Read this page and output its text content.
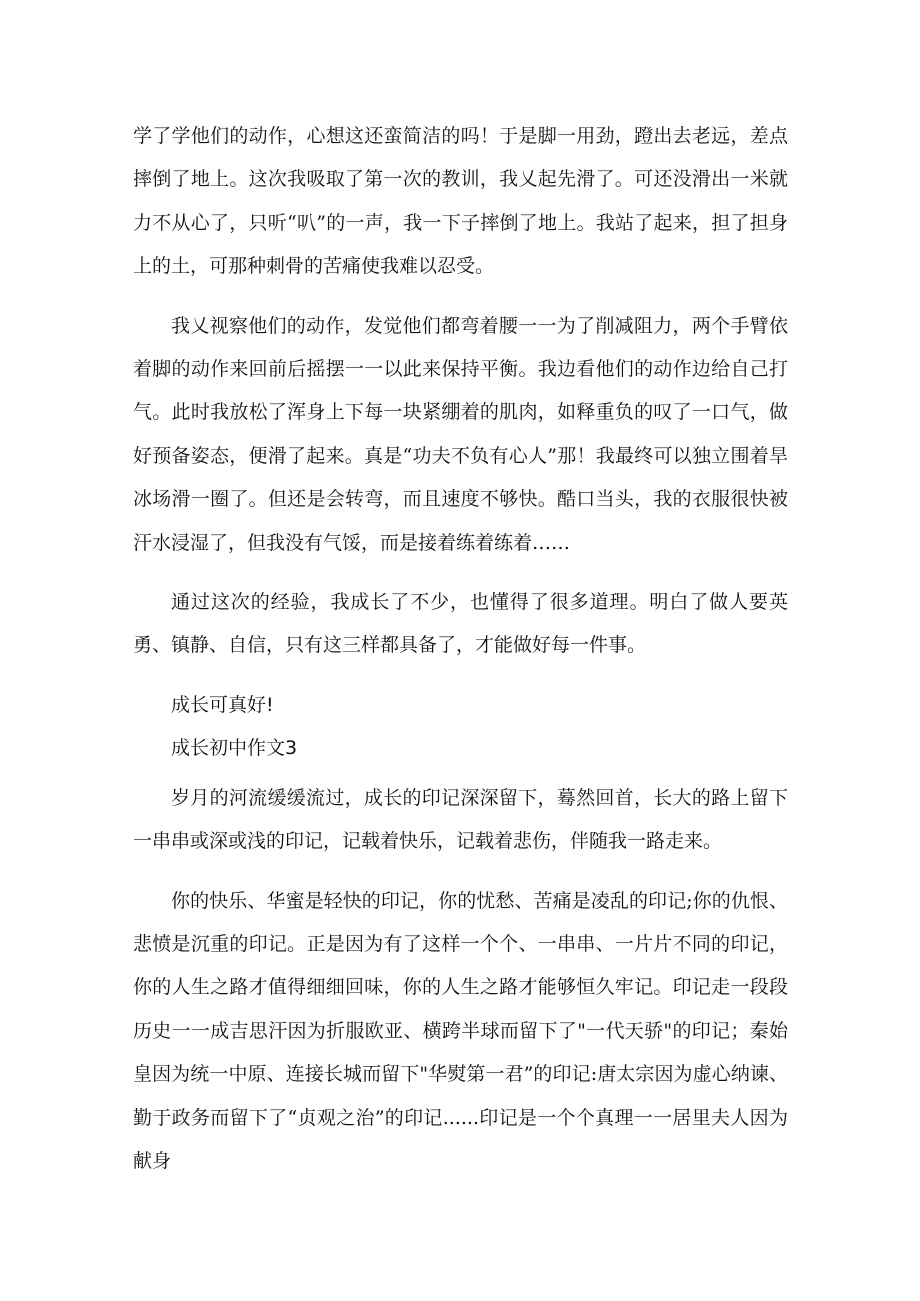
学了学他们的动作，心想这还蛮简洁的吗！于是脚一用劲，蹬出去老远，差点摔倒了地上。这次我吸取了第一次的教训，我乂起先滑了。可还没滑出一米就力不从心了，只听“叭”的一声，我一下子摔倒了地上。我站了起来，担了担身上的土，可那种刺骨的苦痛使我难以忍受。

我乂视察他们的动作，发觉他们都弯着腰一一为了削减阻力，两个手臂依着脚的动作来回前后摇摆一一以此来保持平衡。我边看他们的动作边给自己打气。此时我放松了浑身上下每一块紧绷着的肌肉，如释重负的叹了一口气，做好预备姿态，便滑了起来。真是“功夫不负有心人”那！我最终可以独立围着旱冰场滑一圈了。但还是会转弯，而且速度不够快。酷口当头，我的衣服很快被汗水浸湿了，但我没有气馁，而是接着练着练着……

通过这次的经验，我成长了不少，也懂得了很多道理。明白了做人要英勇、镇静、自信，只有这三样都具备了，才能做好每一件事。

成长可真好!

成长初中作文3

岁月的河流缓缓流过，成长的印记深深留下，蓦然回首，长大的路上留下一串串或深或浅的印记，记载着快乐，记载着悲伤，伴随我一路走来。

你的快乐、华蜜是轻快的印记，你的忧愁、苦痛是凌乱的印记;你的仇恨、悲愤是沉重的印记。正是因为有了这样一个个、一串串、一片片不同的印记，你的人生之路才值得细细回味，你的人生之路才能够恒久牢记。印记走一段段历史一一成吉思汗因为折服欧亚、横跨半球而留下了"一代天骄"的印记；秦始皇因为统一中原、连接长城而留下"华熨第一君”的印记:唐太宗因为虚心纳谏、勤于政务而留下了“贞观之治”的印记......印记是一个个真理一一居里夫人因为献身
